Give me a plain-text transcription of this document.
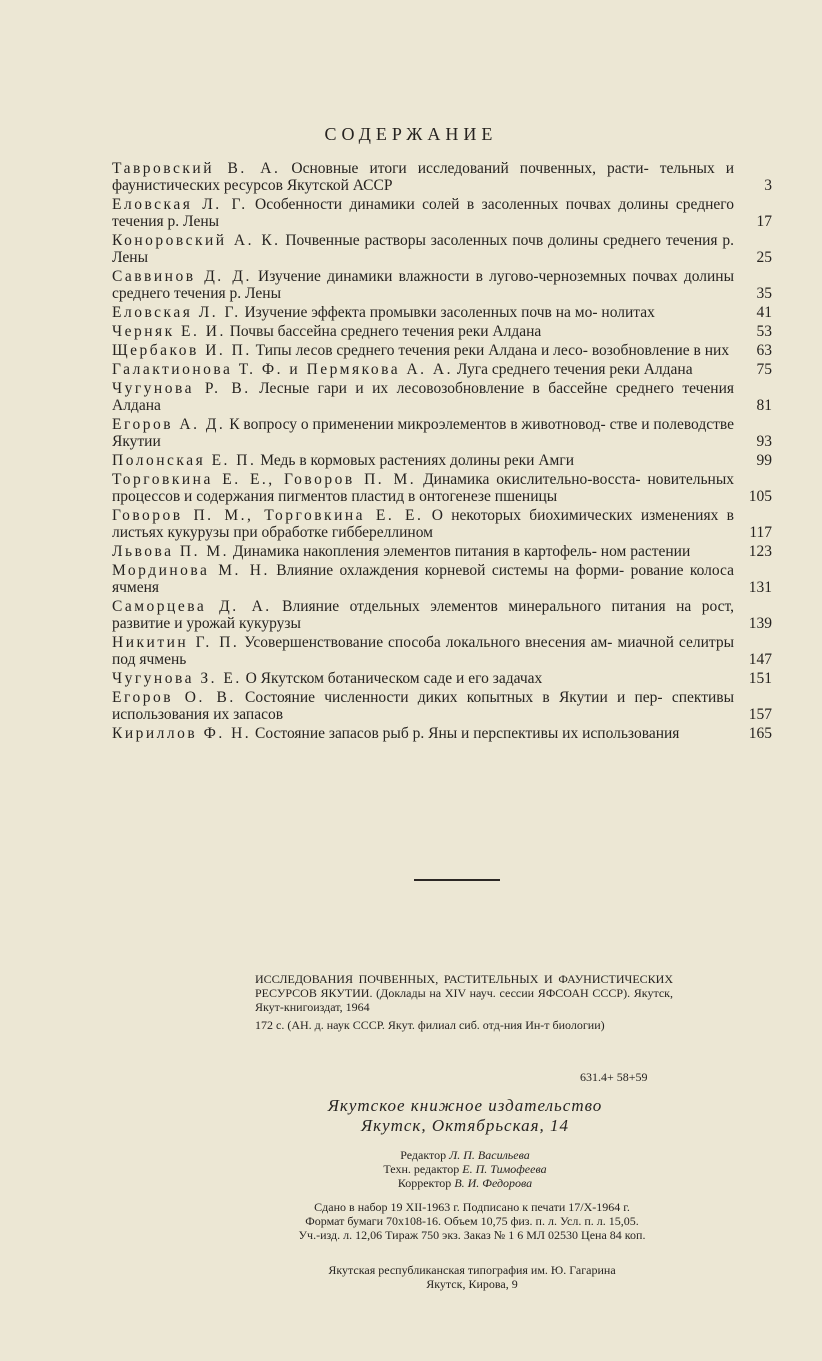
СОДЕРЖАНИЕ
Тавровский В. А. Основные итоги исследований почвенных, расти- тельных и фаунистических ресурсов Якутской АССР	3
Еловская Л. Г. Особенности динамики солей в засоленных почвах долины среднего течения р. Лены	17
Коноровский А. К. Почвенные растворы засоленных почв долины среднего течения р. Лены	25
Саввинов Д. Д. Изучение динамики влажности в лугово-черноземных почвах долины среднего течения р. Лены	35
Еловская Л. Г. Изучение эффекта промывки засоленных почв на мо- нолитах	41
Черняк Е. И. Почвы бассейна среднего течения реки Алдана	53
Щербаков И. П. Типы лесов среднего течения реки Алдана и лесо- возобновление в них	63
Галактионова Т. Ф. и Пермякова А. А. Луга среднего течения реки Алдана	75
Чугунова Р. В. Лесные гари и их лесовозобновление в бассейне среднего течения Алдана	81
Егоров А. Д. К вопросу о применении микроэлементов в животновод- стве и полеводстве Якутии	93
Полонская Е. П. Медь в кормовых растениях долины реки Амги	99
Торговкина Е. Е., Говоров П. М. Динамика окислительно-восста- новительных процессов и содержания пигментов пластид в онтогенезе пшеницы	105
Говоров П. М., Торговкина Е. Е. О некоторых биохимических изменениях в листьях кукурузы при обработке гиббереллином	117
Львова П. М. Динамика накопления элементов питания в картофель- ном растении	123
Мординова М. Н. Влияние охлаждения корневой системы на форми- рование колоса ячменя	131
Саморцева Д. А. Влияние отдельных элементов минерального питания на рост, развитие и урожай кукурузы	139
Никитин Г. П. Усовершенствование способа локального внесения ам- миачной селитры под ячмень	147
Чугунова З. Е. О Якутском ботаническом саде и его задачах	151
Егоров О. В. Состояние численности диких копытных в Якутии и пер- спективы использования их запасов	157
Кириллов Ф. Н. Состояние запасов рыб р. Яны и перспективы их использования	165
ИССЛЕДОВАНИЯ ПОЧВЕННЫХ, РАСТИТЕЛЬНЫХ И ФАУНИСТИЧЕСКИХ РЕСУРСОВ ЯКУТИИ. (Доклады на XIV науч. сессии ЯФСОАН СССР). Якутск, Якут-книгоиздат, 1964
172 с. (АН. д. наук СССР. Якут. филиал сиб. отд-ния Ин-т биологии)
631.4+ 58+59
Якутское книжное издательство
Якутск, Октябрьская, 14
Редактор Л. П. Васильева
Техн. редактор Е. П. Тимофеева
Корректор В. И. Федорова
Сдано в набор 19 XII-1963 г. Подписано к печати 17/X-1964 г.
Формат бумаги 70х108-16. Объем 10,75 физ. п. л. Усл. п. л. 15,05.
Уч.-изд. л. 12,06 Тираж 750 экз. Заказ № 1 6 МЛ 02530 Цена 84 коп.
Якутская республиканская типография им. Ю. Гагарина
Якутск, Кирова, 9
